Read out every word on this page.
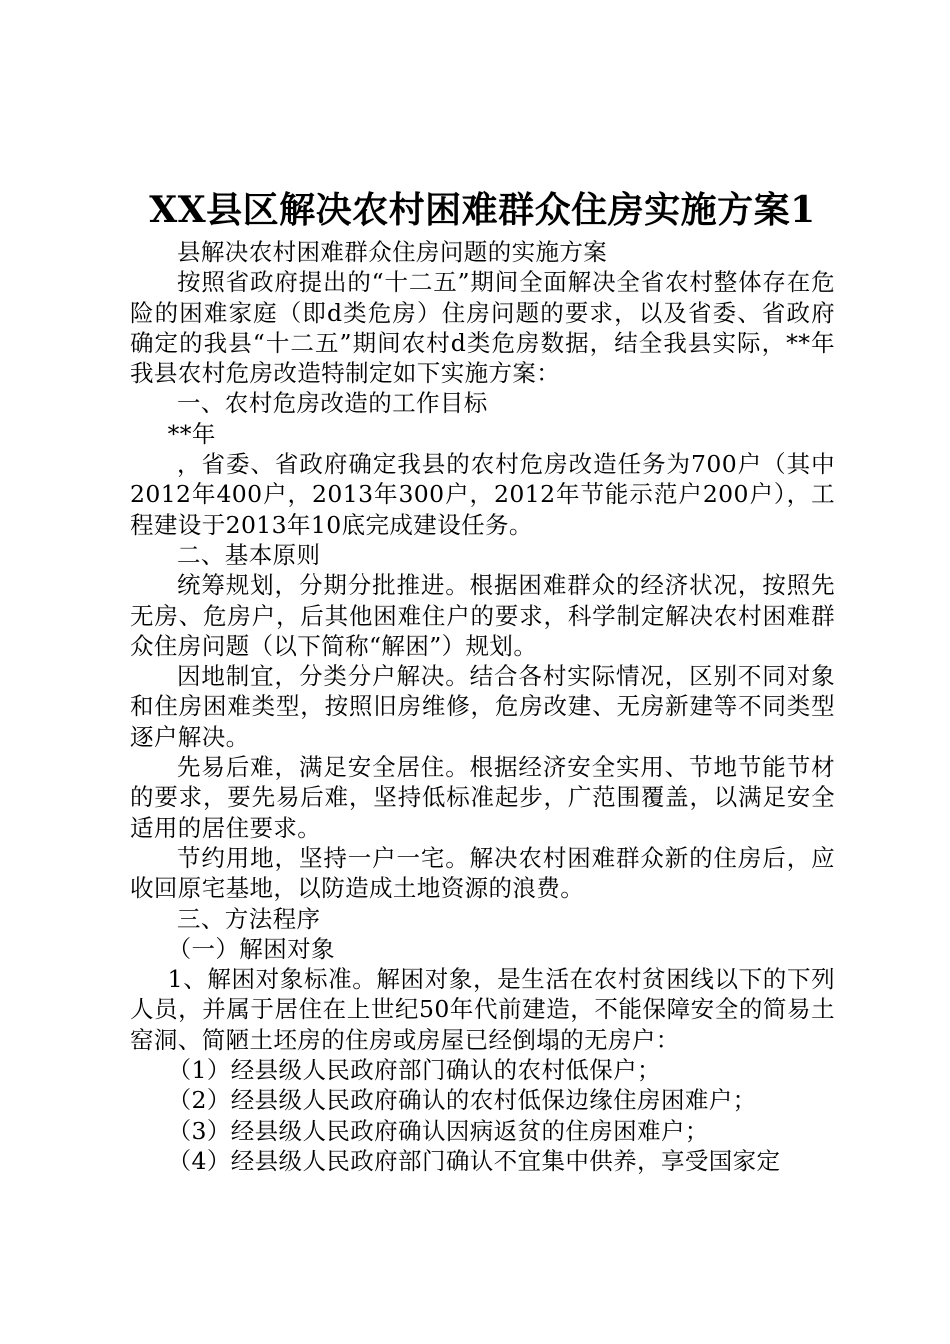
XX县区解决农村困难群众住房实施方案1

县解决农村困难群众住房问题的实施方案

按照省政府提出的“十二五”期间全面解决全省农村整体存在危险的困难家庭（即d类危房）住房问题的要求，以及省委、省政府确定的我县“十二五”期间农村d类危房数据，结全我县实际，**年我县农村危房改造特制定如下实施方案：

一、农村危房改造的工作目标

**年

，省委、省政府确定我县的农村危房改造任务为700户（其中2012年400户，2013年300户，2012年节能示范户200户），工程建设于2013年10底完成建设任务。

二、基本原则

统筹规划，分期分批推进。根据困难群众的经济状况，按照先无房、危房户，后其他困难住户的要求，科学制定解决农村困难群众住房问题（以下简称“解困”）规划。

因地制宜，分类分户解决。结合各村实际情况，区别不同对象和住房困难类型，按照旧房维修，危房改建、无房新建等不同类型逐户解决。

先易后难，满足安全居住。根据经济安全实用、节地节能节材的要求，要先易后难，坚持低标准起步，广范围覆盖，以满足安全适用的居住要求。

节约用地，坚持一户一宅。解决农村困难群众新的住房后，应收回原宅基地，以防造成土地资源的浪费。

三、方法程序

（一）解困对象

1、解困对象标准。解困对象，是生活在农村贫困线以下的下列人员，并属于居住在上世纪50年代前建造，不能保障安全的简易土窑洞、简陋土坯房的住房或房屋已经倒塌的无房户：

（1）经县级人民政府部门确认的农村低保户；

（2）经县级人民政府确认的农村低保边缘住房困难户；

（3）经县级人民政府确认因病返贫的住房困难户；

（4）经县级人民政府部门确认不宜集中供养，享受国家定
